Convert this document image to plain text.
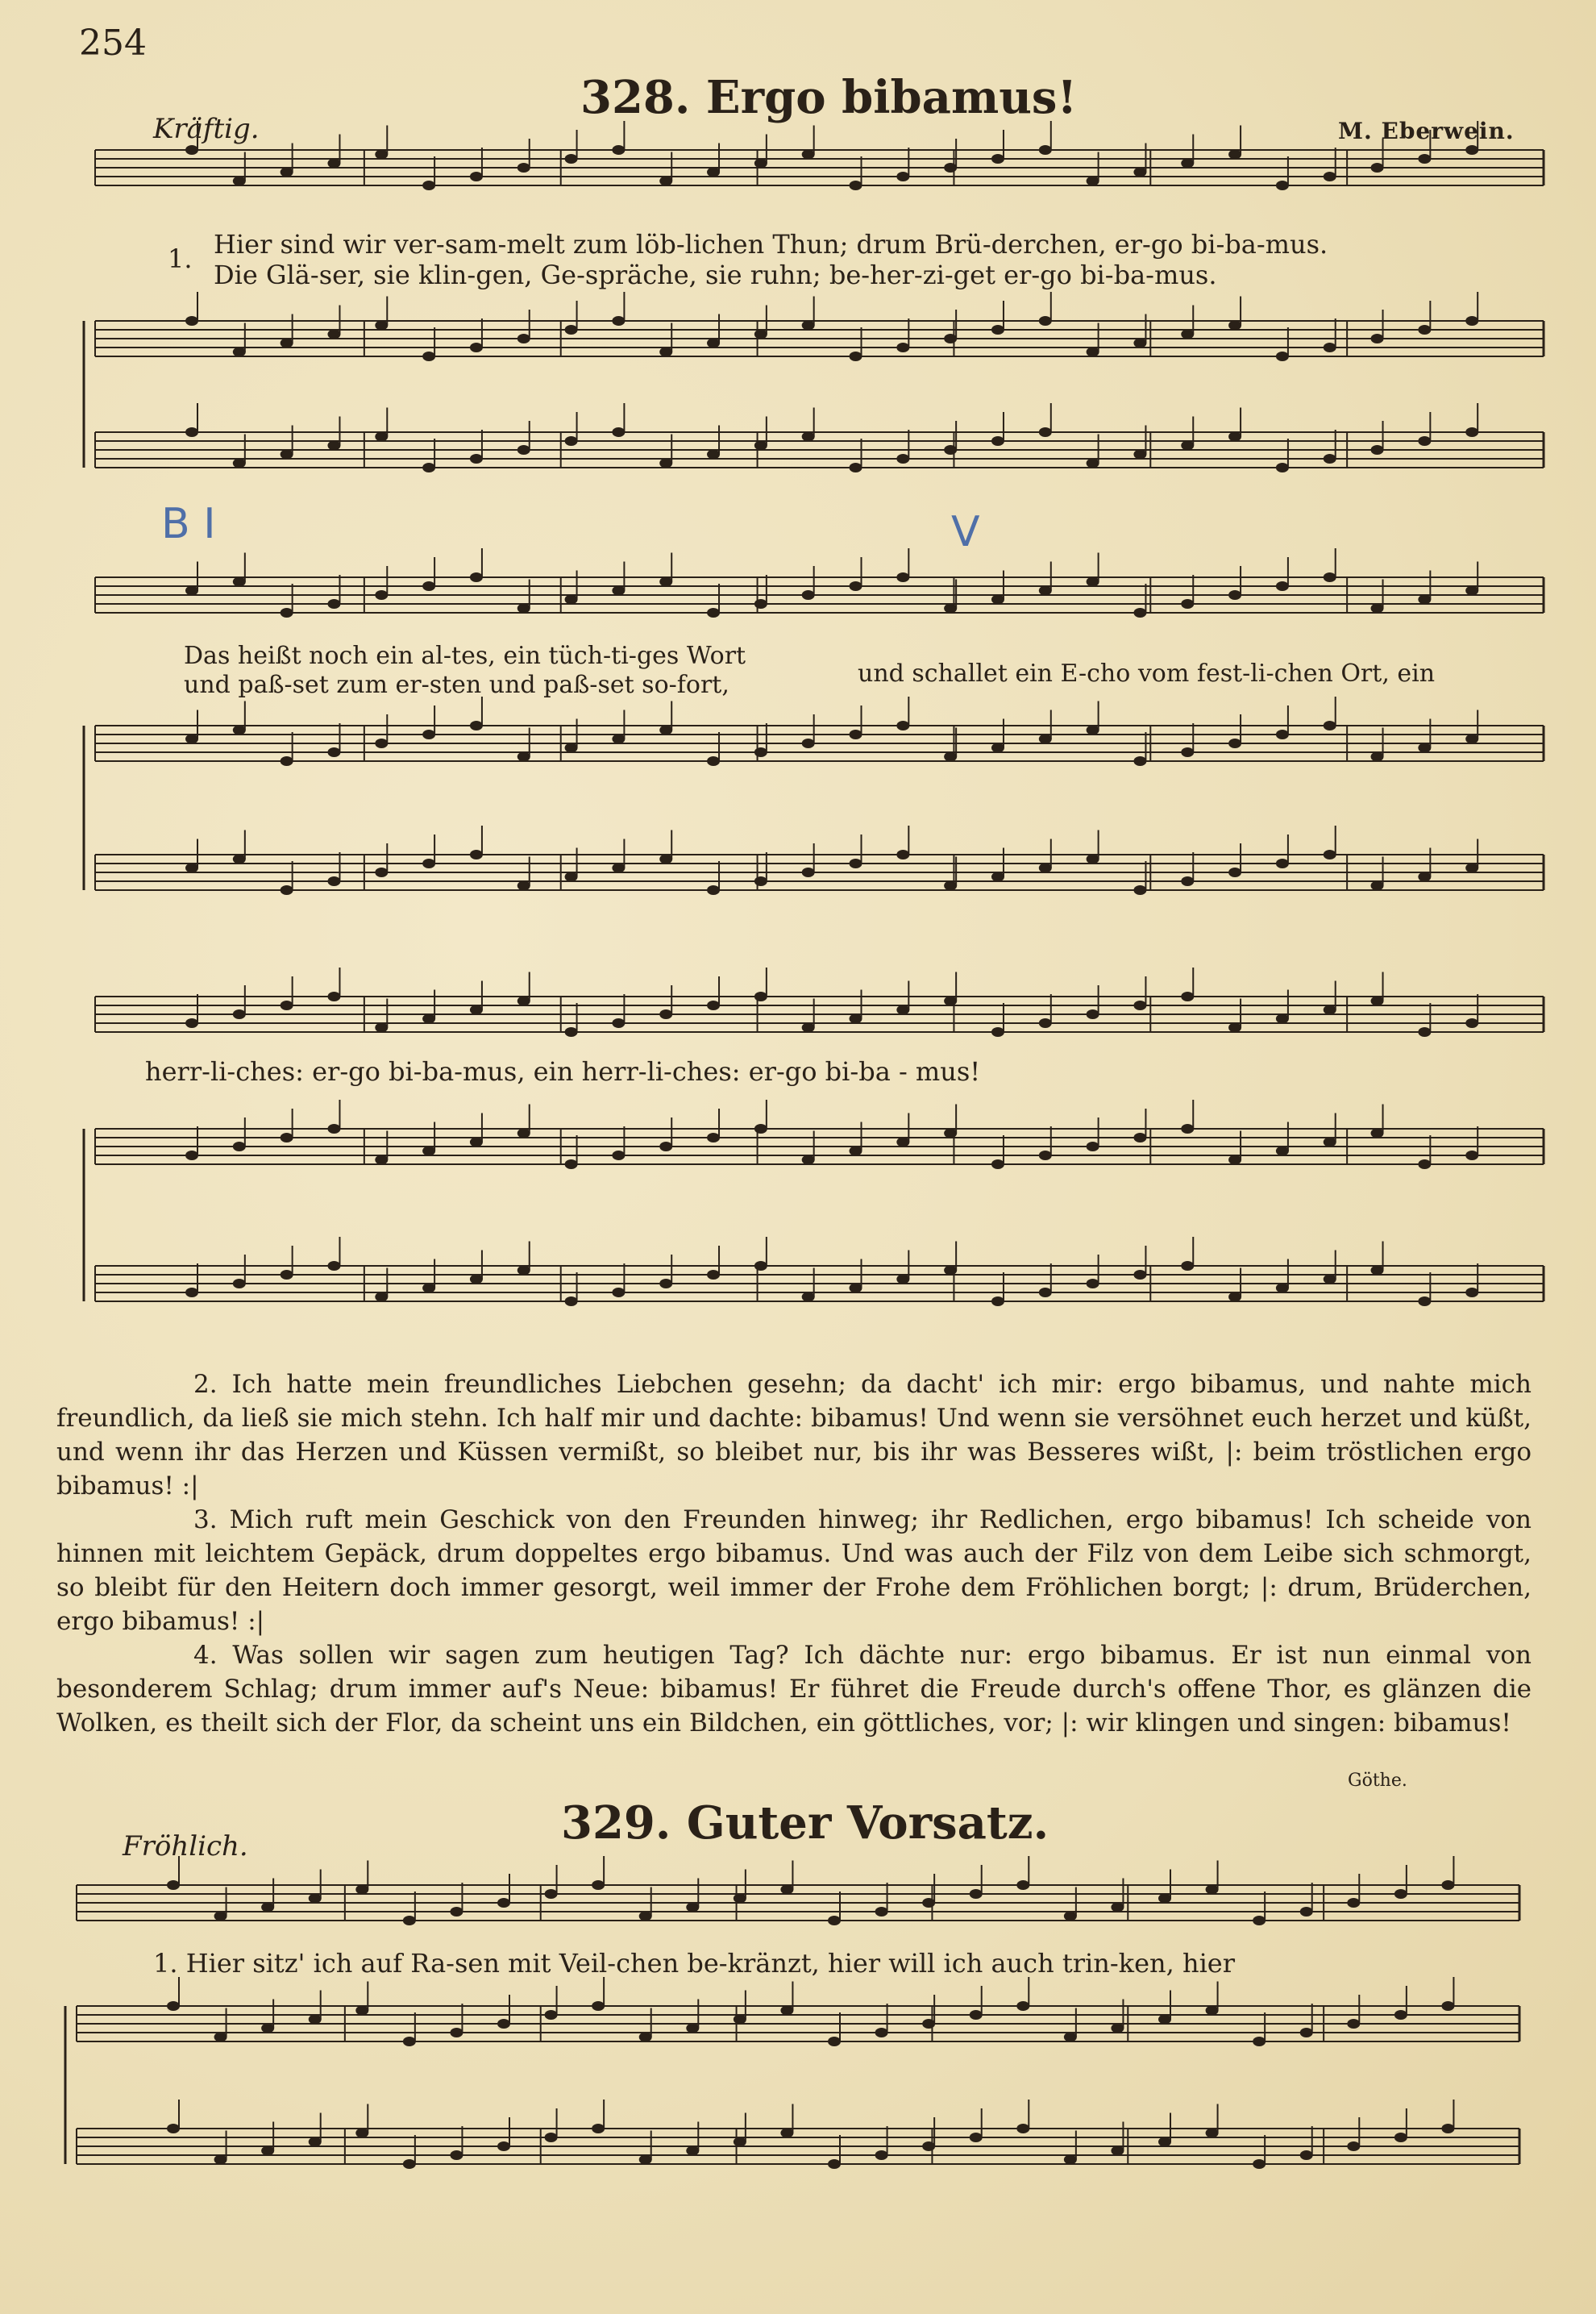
254
328. Ergo bibamus!
Kräftig.	M. Eberwein.
1. Hier sind wir ver-sam-melt zum löb-lichen Thun; drum Brü-derchen, er-go bi-ba-mus.
Die Glä-ser, sie klin-gen, Ge-spräche, sie ruhn; be-her-zi-get er-go bi-ba-mus.
Das heißt noch ein al-tes, ein tüch-ti-ges Wort
und paß-set zum er-sten und paß-set so-fort,	und schallet ein E-cho vom fest-li-chen Ort, ein
herr-li-ches: er-go bi-ba-mus, ein herr-li-ches: er-go bi-ba - mus!
B I	V

2. Ich hatte mein freundliches Liebchen gesehn; da dacht' ich mir: ergo bibamus, und nahte mich freundlich, da ließ sie mich stehn. Ich half mir und dachte: bibamus! Und wenn sie versöhnet euch herzet und küßt, und wenn ihr das Herzen und Küssen vermißt, so bleibet nur, bis ihr was Besseres wißt, |: beim tröstlichen ergo bibamus! :|

3. Mich ruft mein Geschick von den Freunden hinweg; ihr Redlichen, ergo bibamus! Ich scheide von hinnen mit leichtem Gepäck, drum doppeltes ergo bibamus. Und was auch der Filz von dem Leibe sich schmorgt, so bleibt für den Heitern doch immer gesorgt, weil immer der Frohe dem Fröhlichen borgt; |: drum, Brüderchen, ergo bibamus! :|

4. Was sollen wir sagen zum heutigen Tag? Ich dächte nur: ergo bibamus. Er ist nun einmal von besonderem Schlag; drum immer auf's Neue: bibamus! Er führet die Freude durch's offene Thor, es glänzen die Wolken, es theilt sich der Flor, da scheint uns ein Bildchen, ein göttliches, vor; |: wir klingen und singen: bibamus!

Göthe.
329. Guter Vorsatz.
Fröhlich.
1. Hier sitz' ich auf Ra-sen mit Veil-chen be-kränzt, hier will ich auch trin-ken, hier
